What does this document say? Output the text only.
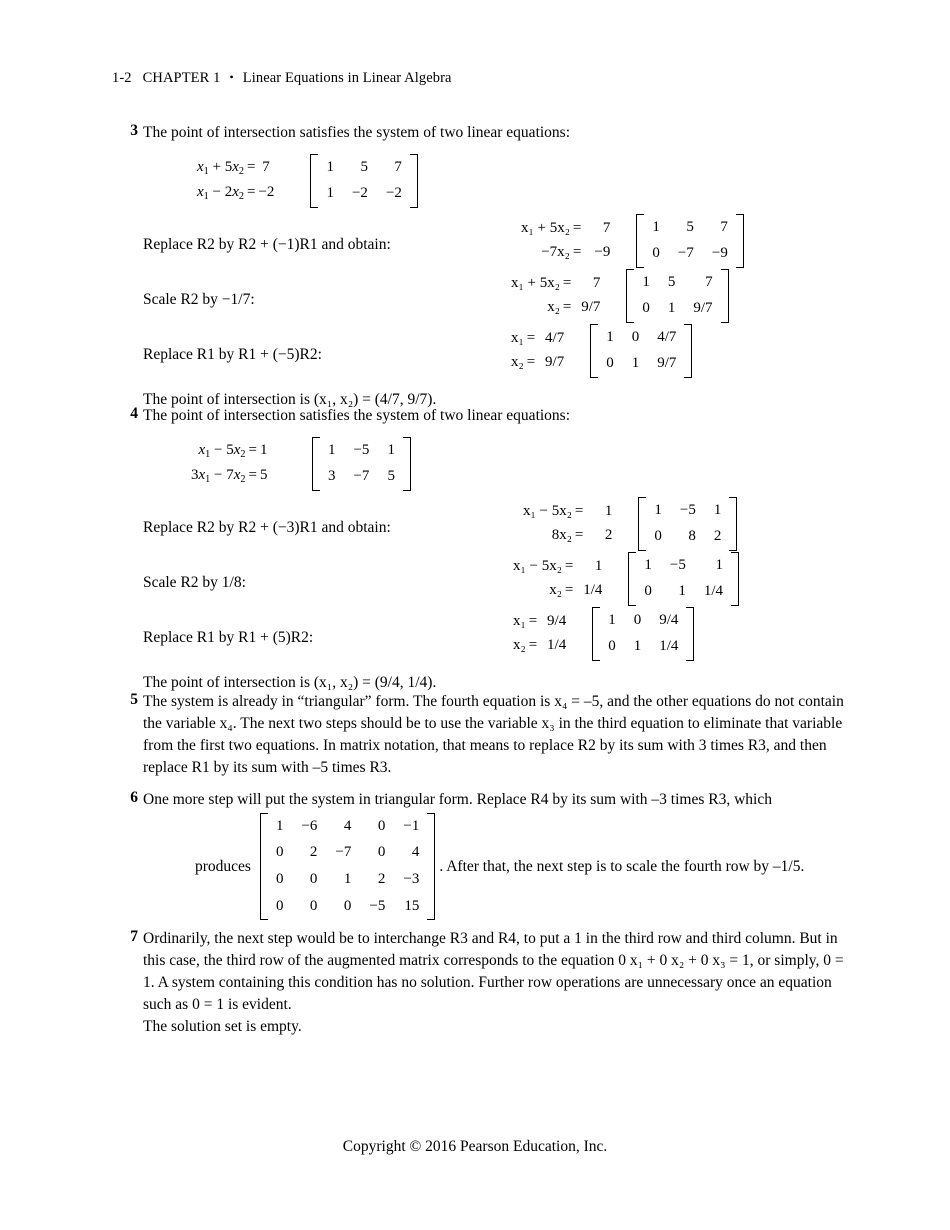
1-2 CHAPTER 1 • Linear Equations in Linear Algebra
3 The point of intersection satisfies the system of two linear equations:

$x_1 + 5x_2$	=	7
$x_1 - 2x_2$	=	−2
1	5	7
1	−2	−2
Replace R2 by R2 + (−1)R1 and obtain:
x₁ + 5x₂	=	7
−7x₂	=	−9
1	5	7
0	−7	−9
Scale R2 by −1/7:
x₁ + 5x₂	=	7
x₂	=	9/7
1	5	7
0	1	9/7
Replace R1 by R1 + (−5)R2:
x₁	=	4/7
x₂	=	9/7
1	0	4/7
0	1	9/7

The point of intersection is (x₁, x₂) = (4/7, 9/7).

4 The point of intersection satisfies the system of two linear equations:

$x_1 - 5x_2$	=	1
$3x_1 - 7x_2$	=	5
1	−5	1
3	−7	5
Replace R2 by R2 + (−3)R1 and obtain:
x₁ − 5x₂	=	1
8x₂	=	2
1	−5	1
0	8	2
Scale R2 by 1/8:
x₁ − 5x₂	=	1
x₂	=	1/4
1	−5	1
0	1	1/4
Replace R1 by R1 + (5)R2:
x₁	=	9/4
x₂	=	1/4
1	0	9/4
0	1	1/4

The point of intersection is (x₁, x₂) = (9/4, 1/4).

5 The system is already in “triangular” form. The fourth equation is x₄ = –5, and the other equations do not contain the variable x₄. The next two steps should be to use the variable x₃ in the third equation to eliminate that variable from the first two equations. In matrix notation, that means to replace R2 by its sum with 3 times R3, and then replace R1 by its sum with –5 times R3.

6 One more step will put the system in triangular form. Replace R4 by its sum with –3 times R3, which

produces
1	−6	4	0	−1
0	2	−7	0	4
0	0	1	2	−3
0	0	0	−5	15
. After that, the next step is to scale the fourth row by –1/5.
7 Ordinarily, the next step would be to interchange R3 and R4, to put a 1 in the third row and third column. But in this case, the third row of the augmented matrix corresponds to the equation 0 x₁ + 0 x₂ + 0 x₃ = 1, or simply, 0 = 1. A system containing this condition has no solution. Further row operations are unnecessary once an equation such as 0 = 1 is evident.

The solution set is empty.

Copyright © 2016 Pearson Education, Inc.
